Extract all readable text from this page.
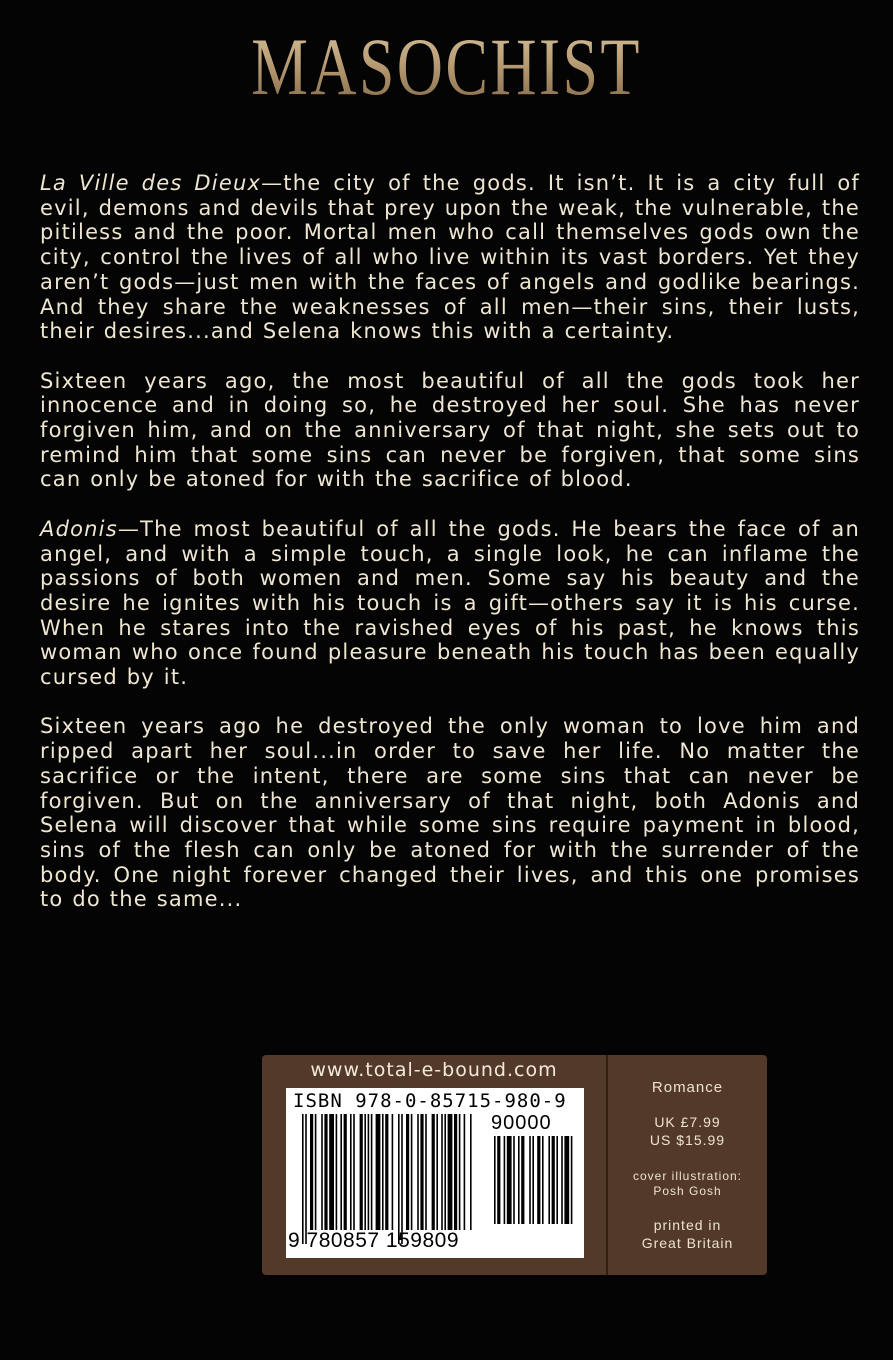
MASOCHIST

La Ville des Dieux—the city of the gods. It isn’t. It is a city full of evil, demons and devils that prey upon the weak, the vulnerable, the pitiless and the poor. Mortal men who call themselves gods own the city, control the lives of all who live within its vast borders. Yet they aren’t gods—just men with the faces of angels and godlike bearings. And they share the weaknesses of all men—their sins, their lusts, their desires...and Selena knows this with a certainty.

Sixteen years ago, the most beautiful of all the gods took her innocence and in doing so, he destroyed her soul. She has never forgiven him, and on the anniversary of that night, she sets out to remind him that some sins can never be forgiven, that some sins can only be atoned for with the sacrifice of blood.

Adonis—The most beautiful of all the gods. He bears the face of an angel, and with a simple touch, a single look, he can inflame the passions of both women and men. Some say his beauty and the desire he ignites with his touch is a gift—others say it is his curse. When he stares into the ravished eyes of his past, he knows this woman who once found pleasure beneath his touch has been equally cursed by it.

Sixteen years ago he destroyed the only woman to love him and ripped apart her soul...in order to save her life. No matter the sacrifice or the intent, there are some sins that can never be forgiven. But on the anniversary of that night, both Adonis and Selena will discover that while some sins require payment in blood, sins of the flesh can only be atoned for with the surrender of the body. One night forever changed their lives, and this one promises to do the same...

www.total-e-bound.com
ISBN 978-0-85715-980-9
90000
9 780857 159809
Romance
UK £7.99
US $15.99
cover illustration:
Posh Gosh
printed in
Great Britain
